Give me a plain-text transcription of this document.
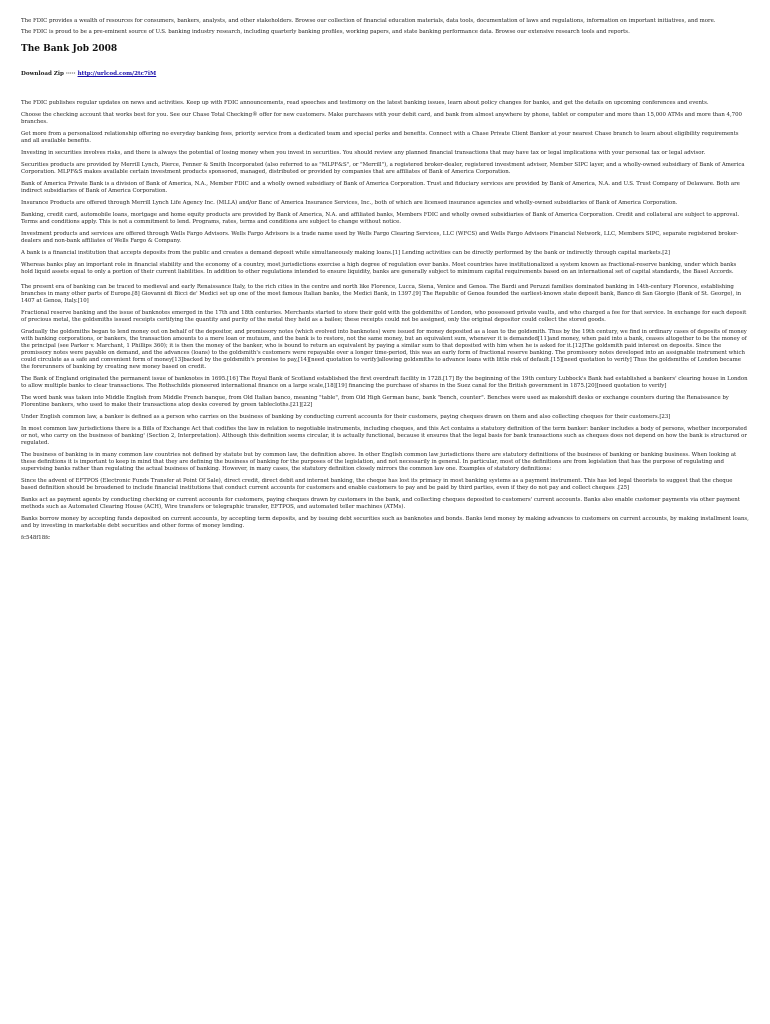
The FDIC provides a wealth of resources for consumers, bankers, analysts, and other stakeholders. Browse our collection of financial education materials, data tools, documentation of laws and regulations, information on important initiatives, and more.

The FDIC is proud to be a pre-eminent source of U.S. banking industry research, including quarterly banking profiles, working papers, and state banking performance data. Browse our extensive research tools and reports.

The Bank Job 2008
Download Zip ····· http://urlcod.com/2tc7iM

The FDIC publishes regular updates on news and activities. Keep up with FDIC announcements, read speeches and testimony on the latest banking issues, learn about policy changes for banks, and get the details on upcoming conferences and events.

Choose the checking account that works best for you. See our Chase Total Checking® offer for new customers. Make purchases with your debit card, and bank from almost anywhere by phone, tablet or computer and more than 15,000 ATMs and more than 4,700 branches.

Get more from a personalized relationship offering no everyday banking fees, priority service from a dedicated team and special perks and benefits. Connect with a Chase Private Client Banker at your nearest Chase branch to learn about eligibility requirements and all available benefits.

Investing in securities involves risks, and there is always the potential of losing money when you invest in securities. You should review any planned financial transactions that may have tax or legal implications with your personal tax or legal advisor.

Securities products are provided by Merrill Lynch, Pierce, Fenner & Smith Incorporated (also referred to as "MLPF&S", or "Merrill"), a registered broker-dealer, registered investment adviser, Member SIPC layer, and a wholly-owned subsidiary of Bank of America Corporation. MLPF&S makes available certain investment products sponsored, managed, distributed or provided by companies that are affiliates of Bank of America Corporation.

Bank of America Private Bank is a division of Bank of America, N.A., Member FDIC and a wholly owned subsidiary of Bank of America Corporation. Trust and fiduciary services are provided by Bank of America, N.A. and U.S. Trust Company of Delaware. Both are indirect subsidiaries of Bank of America Corporation.

Insurance Products are offered through Merrill Lynch Life Agency Inc. (MLLA) and/or Banc of America Insurance Services, Inc., both of which are licensed insurance agencies and wholly-owned subsidiaries of Bank of America Corporation.

Banking, credit card, automobile loans, mortgage and home equity products are provided by Bank of America, N.A. and affiliated banks, Members FDIC and wholly owned subsidiaries of Bank of America Corporation. Credit and collateral are subject to approval. Terms and conditions apply. This is not a commitment to lend. Programs, rates, terms and conditions are subject to change without notice.

Investment products and services are offered through Wells Fargo Advisors. Wells Fargo Advisors is a trade name used by Wells Fargo Clearing Services, LLC (WFCS) and Wells Fargo Advisors Financial Network, LLC, Members SIPC, separate registered broker-dealers and non-bank affiliates of Wells Fargo & Company.

A bank is a financial institution that accepts deposits from the public and creates a demand deposit while simultaneously making loans.[1] Lending activities can be directly performed by the bank or indirectly through capital markets.[2]

Whereas banks play an important role in financial stability and the economy of a country, most jurisdictions exercise a high degree of regulation over banks. Most countries have institutionalized a system known as fractional-reserve banking, under which banks hold liquid assets equal to only a portion of their current liabilities. In addition to other regulations intended to ensure liquidity, banks are generally subject to minimum capital requirements based on an international set of capital standards, the Basel Accords.

The present era of banking can be traced to medieval and early Renaissance Italy, to the rich cities in the centre and north like Florence, Lucca, Siena, Venice and Genoa. The Bardi and Peruzzi families dominated banking in 14th-century Florence, establishing branches in many other parts of Europe.[8] Giovanni di Bicci de' Medici set up one of the most famous Italian banks, the Medici Bank, in 1397.[9] The Republic of Genoa founded the earliest-known state deposit bank, Banco di San Giorgio (Bank of St. George), in 1407 at Genoa, Italy.[10]

Fractional reserve banking and the issue of banknotes emerged in the 17th and 18th centuries. Merchants started to store their gold with the goldsmiths of London, who possessed private vaults, and who charged a fee for that service. In exchange for each deposit of precious metal, the goldsmiths issued receipts certifying the quantity and purity of the metal they held as a bailee; these receipts could not be assigned, only the original depositor could collect the stored goods.

Gradually the goldsmiths began to lend money out on behalf of the depositor, and promissory notes (which evolved into banknotes) were issued for money deposited as a loan to the goldsmith. Thus by the 19th century, we find in ordinary cases of deposits of money with banking corporations, or bankers, the transaction amounts to a mere loan or mutuum, and the bank is to restore, not the same money, but an equivalent sum, whenever it is demanded[11]and money, when paid into a bank, ceases altogether to be the money of the principal (see Parker v. Marchant, 1 Phillips 360); it is then the money of the banker, who is bound to return an equivalent by paying a similar sum to that deposited with him when he is asked for it.[12]The goldsmith paid interest on deposits. Since the promissory notes were payable on demand, and the advances (loans) to the goldsmith's customers were repayable over a longer time-period, this was an early form of fractional reserve banking. The promissory notes developed into an assignable instrument which could circulate as a safe and convenient form of money[13]backed by the goldsmith's promise to pay,[14][need quotation to verify]allowing goldsmiths to advance loans with little risk of default.[15][need quotation to verify] Thus the goldsmiths of London became the forerunners of banking by creating new money based on credit.

The Bank of England originated the permanent issue of banknotes in 1695.[16] The Royal Bank of Scotland established the first overdraft facility in 1728.[17] By the beginning of the 19th century Lubbock's Bank had established a bankers' clearing house in London to allow multiple banks to clear transactions. The Rothschilds pioneered international finance on a large scale,[18][19] financing the purchase of shares in the Suez canal for the British government in 1875.[20][need quotation to verify]

The word bank was taken into Middle English from Middle French banque, from Old Italian banco, meaning "table", from Old High German banc, bank "bench, counter". Benches were used as makeshift desks or exchange counters during the Renaissance by Florentine bankers, who used to make their transactions atop desks covered by green tablecloths.[21][22]

Under English common law, a banker is defined as a person who carries on the business of banking by conducting current accounts for their customers, paying cheques drawn on them and also collecting cheques for their customers.[23]

In most common law jurisdictions there is a Bills of Exchange Act that codifies the law in relation to negotiable instruments, including cheques, and this Act contains a statutory definition of the term banker: banker includes a body of persons, whether incorporated or not, who carry on the business of banking' (Section 2, Interpretation). Although this definition seems circular, it is actually functional, because it ensures that the legal basis for bank transactions such as cheques does not depend on how the bank is structured or regulated.

The business of banking is in many common law countries not defined by statute but by common law, the definition above. In other English common law jurisdictions there are statutory definitions of the business of banking or banking business. When looking at these definitions it is important to keep in mind that they are defining the business of banking for the purposes of the legislation, and not necessarily in general. In particular, most of the definitions are from legislation that has the purpose of regulating and supervising banks rather than regulating the actual business of banking. However, in many cases, the statutory definition closely mirrors the common law one. Examples of statutory definitions:

Since the advent of EFTPOS (Electronic Funds Transfer at Point Of Sale), direct credit, direct debit and internet banking, the cheque has lost its primacy in most banking systems as a payment instrument. This has led legal theorists to suggest that the cheque based definition should be broadened to include financial institutions that conduct current accounts for customers and enable customers to pay and be paid by third parties, even if they do not pay and collect cheques .[25]

Banks act as payment agents by conducting checking or current accounts for customers, paying cheques drawn by customers in the bank, and collecting cheques deposited to customers' current accounts. Banks also enable customer payments via other payment methods such as Automated Clearing House (ACH), Wire transfers or telegraphic transfer, EFTPOS, and automated teller machines (ATMs).

Banks borrow money by accepting funds deposited on current accounts, by accepting term deposits, and by issuing debt securities such as banknotes and bonds. Banks lend money by making advances to customers on current accounts, by making installment loans, and by investing in marketable debt securities and other forms of money lending.

fc548f18fc
